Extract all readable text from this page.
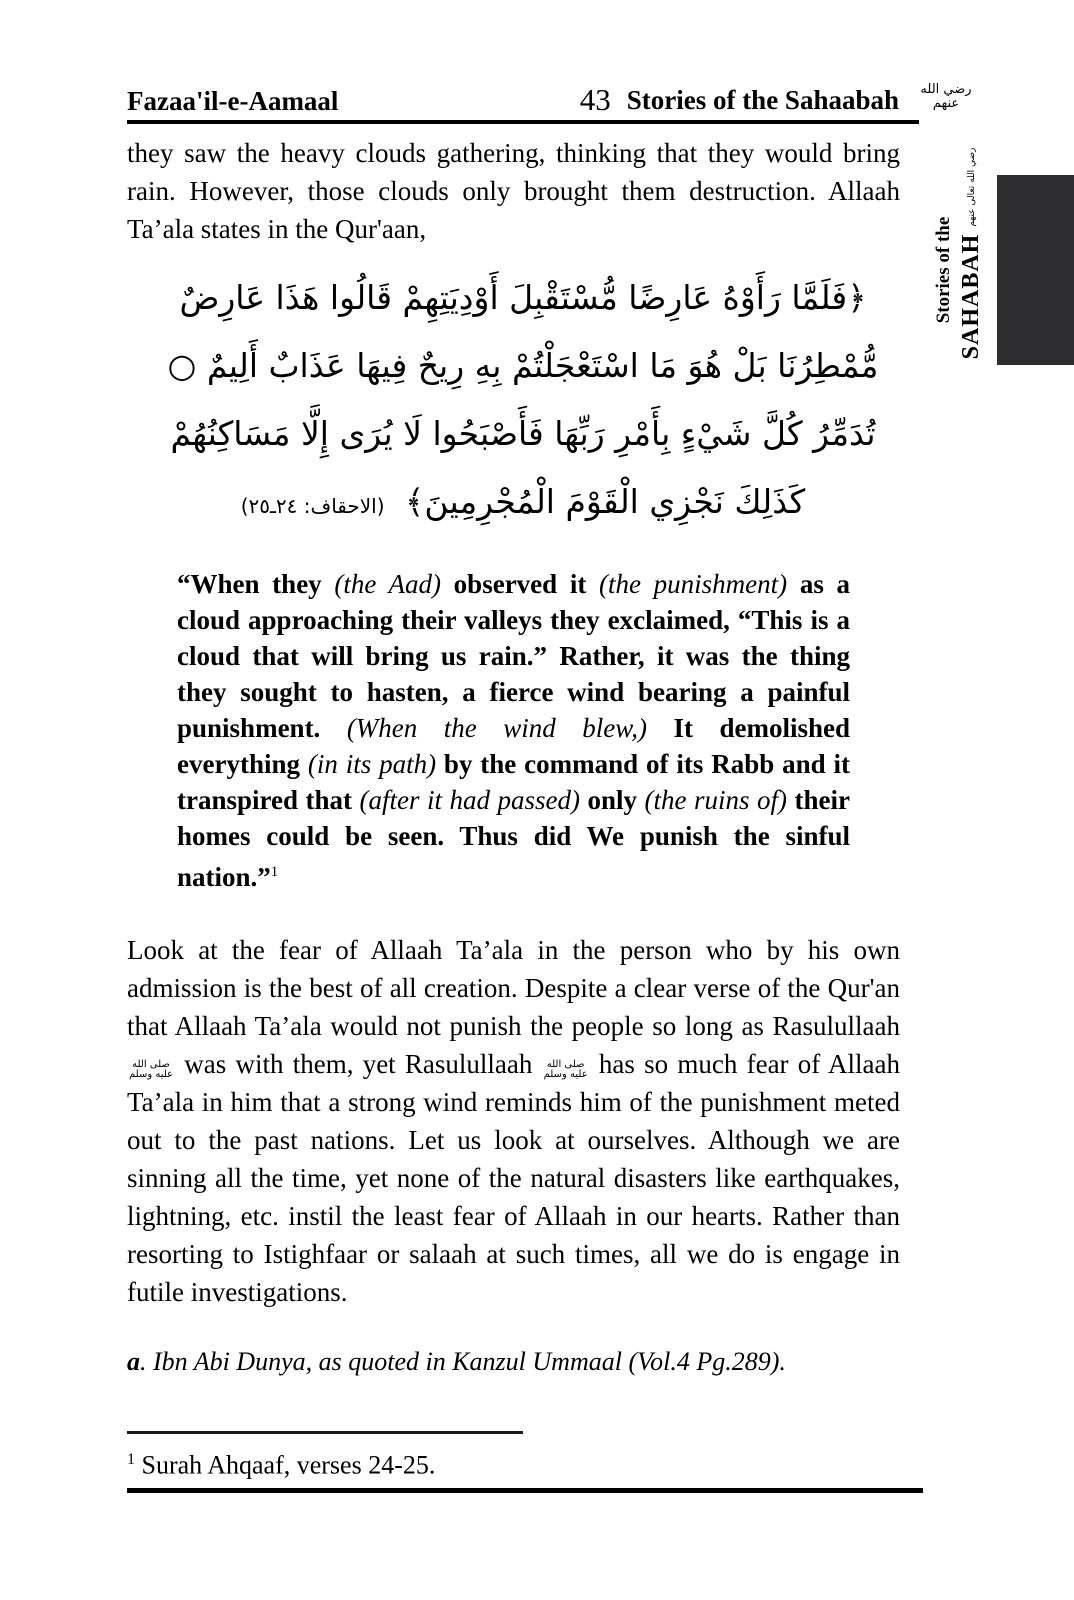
Fazaa'il-e-Aamaal	43 Stories of the Sahaabah	رضي الله عنهم

they saw the heavy clouds gathering, thinking that they would bring rain. However, those clouds only brought them destruction. Allaah Ta’ala states in the Qur'aan,

﴿فَلَمَّا رَأَوْهُ عَارِضًا مُّسْتَقْبِلَ أَوْدِيَتِهِمْ قَالُوا هَذَا عَارِضٌ
مُّمْطِرُنَا بَلْ هُوَ مَا اسْتَعْجَلْتُمْ بِهِ رِيحٌ فِيهَا عَذَابٌ أَلِيمٌ ○
تُدَمِّرُ كُلَّ شَيْءٍ بِأَمْرِ رَبِّهَا فَأَصْبَحُوا لَا يُرَى إِلَّا مَسَاكِنُهُمْ
كَذَلِكَ نَجْزِي الْقَوْمَ الْمُجْرِمِينَ﴾ (الاحقاف: ٢٤ـ٢٥)

“When they (the Aad) observed it (the punishment) as a cloud approaching their valleys they exclaimed, “This is a cloud that will bring us rain.” Rather, it was the thing they sought to hasten, a fierce wind bearing a painful punishment. (When the wind blew,) It demolished everything (in its path) by the command of its Rabb and it transpired that (after it had passed) only (the ruins of) their homes could be seen. Thus did We punish the sinful nation.”$^1$

Look at the fear of Allaah Ta’ala in the person who by his own admission is the best of all creation. Despite a clear verse of the Qur'an that Allaah Ta’ala would not punish the people so long as Rasulullaah صلى الله عليه وسلم was with them, yet Rasulullaah صلى الله عليه وسلم has so much fear of Allaah Ta’ala in him that a strong wind reminds him of the punishment meted out to the past nations. Let us look at ourselves. Although we are sinning all the time, yet none of the natural disasters like earthquakes, lightning, etc. instil the least fear of Allaah in our hearts. Rather than resorting to Istighfaar or salaah at such times, all we do is engage in futile investigations.

a. Ibn Abi Dunya, as quoted in Kanzul Ummaal (Vol.4 Pg.289).

$^1$ Surah Ahqaaf, verses 24-25.

Stories of the SAHABAH رضي الله تعالى عنهم
